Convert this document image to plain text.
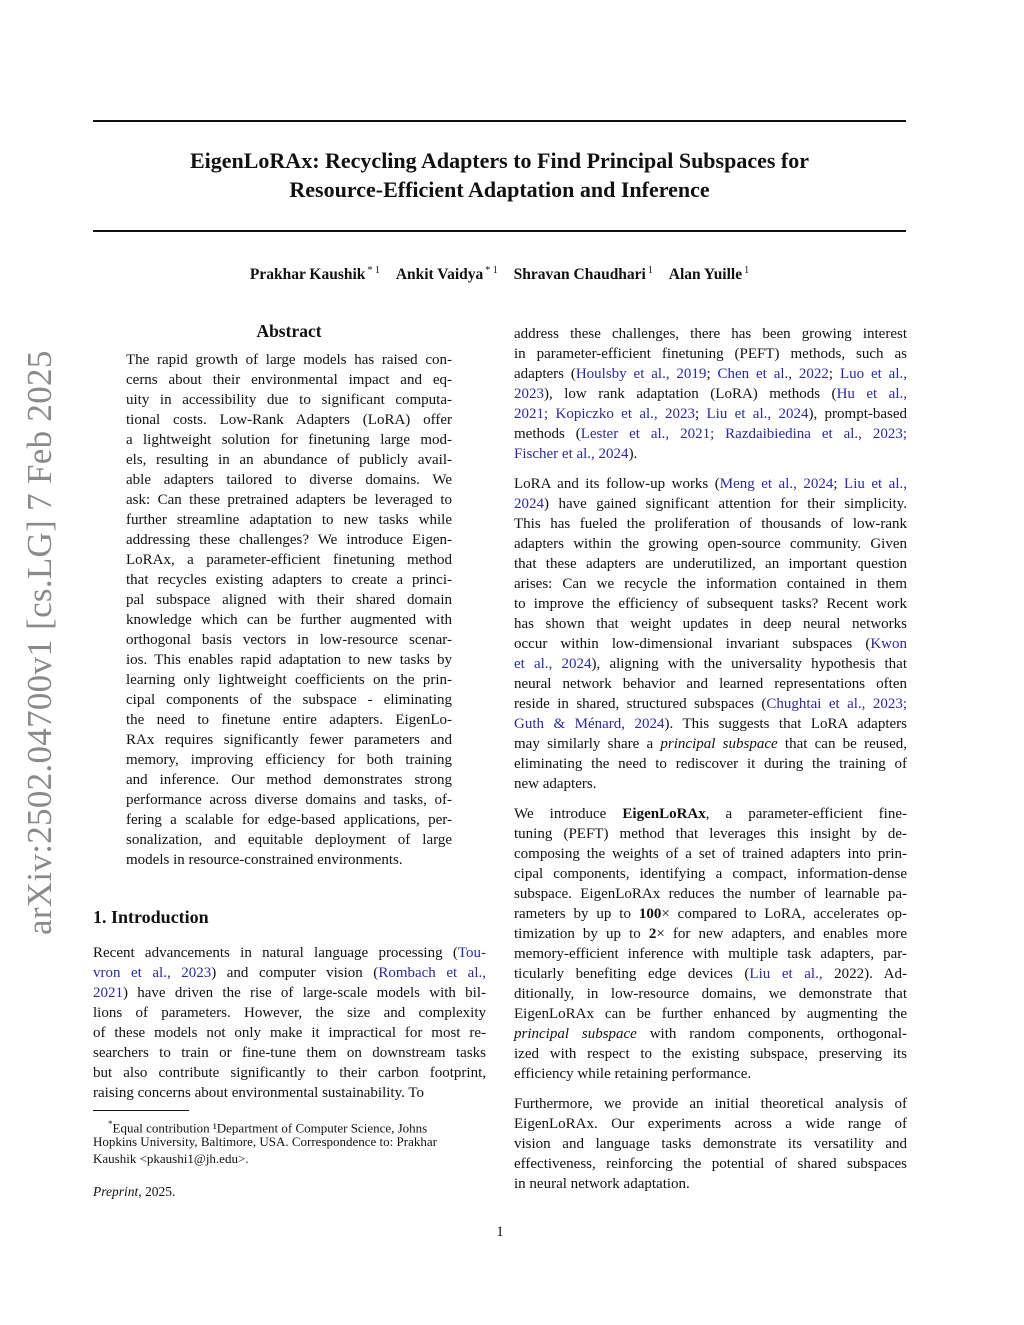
EigenLoRAx: Recycling Adapters to Find Principal Subspaces for
Resource-Efficient Adaptation and Inference
Prakhar Kaushik $^{* 1}$ Ankit Vaidya $^{* 1}$ Shravan Chaudhari $^1$ Alan Yuille $^1$
arXiv:2502.04700v1 [cs.LG] 7 Feb 2025
Abstract
The rapid growth of large models has raised con-
cerns about their environmental impact and eq-
uity in accessibility due to significant computa-
tional costs. Low-Rank Adapters (LoRA) offer
a lightweight solution for finetuning large mod-
els, resulting in an abundance of publicly avail-
able adapters tailored to diverse domains. We
ask: Can these pretrained adapters be leveraged to
further streamline adaptation to new tasks while
addressing these challenges? We introduce Eigen-
LoRAx, a parameter-efficient finetuning method
that recycles existing adapters to create a princi-
pal subspace aligned with their shared domain
knowledge which can be further augmented with
orthogonal basis vectors in low-resource scenar-
ios. This enables rapid adaptation to new tasks by
learning only lightweight coefficients on the prin-
cipal components of the subspace - eliminating
the need to finetune entire adapters. EigenLo-
RAx requires significantly fewer parameters and
memory, improving efficiency for both training
and inference. Our method demonstrates strong
performance across diverse domains and tasks, of-
fering a scalable for edge-based applications, per-
sonalization, and equitable deployment of large
models in resource-constrained environments.
1. Introduction
Recent advancements in natural language processing (Tou-
vron et al., 2023) and computer vision (Rombach et al.,
2021) have driven the rise of large-scale models with bil-
lions of parameters. However, the size and complexity
of these models not only make it impractical for most re-
searchers to train or fine-tune them on downstream tasks
but also contribute significantly to their carbon footprint,
raising concerns about environmental sustainability. To
*Equal contribution ¹Department of Computer Science, Johns
Hopkins University, Baltimore, USA. Correspondence to: Prakhar
Kaushik <pkaushi1@jh.edu>.
Preprint, 2025.
address these challenges, there has been growing interest
in parameter-efficient finetuning (PEFT) methods, such as
adapters (Houlsby et al., 2019; Chen et al., 2022; Luo et al.,
2023), low rank adaptation (LoRA) methods (Hu et al.,
2021; Kopiczko et al., 2023; Liu et al., 2024), prompt-based
methods (Lester et al., 2021; Razdaibiedina et al., 2023;
Fischer et al., 2024).
LoRA and its follow-up works (Meng et al., 2024; Liu et al.,
2024) have gained significant attention for their simplicity.
This has fueled the proliferation of thousands of low-rank
adapters within the growing open-source community. Given
that these adapters are underutilized, an important question
arises: Can we recycle the information contained in them
to improve the efficiency of subsequent tasks? Recent work
has shown that weight updates in deep neural networks
occur within low-dimensional invariant subspaces (Kwon
et al., 2024), aligning with the universality hypothesis that
neural network behavior and learned representations often
reside in shared, structured subspaces (Chughtai et al., 2023;
Guth & Ménard, 2024). This suggests that LoRA adapters
may similarly share a principal subspace that can be reused,
eliminating the need to rediscover it during the training of
new adapters.
We introduce EigenLoRAx, a parameter-efficient fine-
tuning (PEFT) method that leverages this insight by de-
composing the weights of a set of trained adapters into prin-
cipal components, identifying a compact, information-dense
subspace. EigenLoRAx reduces the number of learnable pa-
rameters by up to 100× compared to LoRA, accelerates op-
timization by up to 2× for new adapters, and enables more
memory-efficient inference with multiple task adapters, par-
ticularly benefiting edge devices (Liu et al., 2022). Ad-
ditionally, in low-resource domains, we demonstrate that
EigenLoRAx can be further enhanced by augmenting the
principal subspace with random components, orthogonal-
ized with respect to the existing subspace, preserving its
efficiency while retaining performance.
Furthermore, we provide an initial theoretical analysis of
EigenLoRAx. Our experiments across a wide range of
vision and language tasks demonstrate its versatility and
effectiveness, reinforcing the potential of shared subspaces
in neural network adaptation.
1
